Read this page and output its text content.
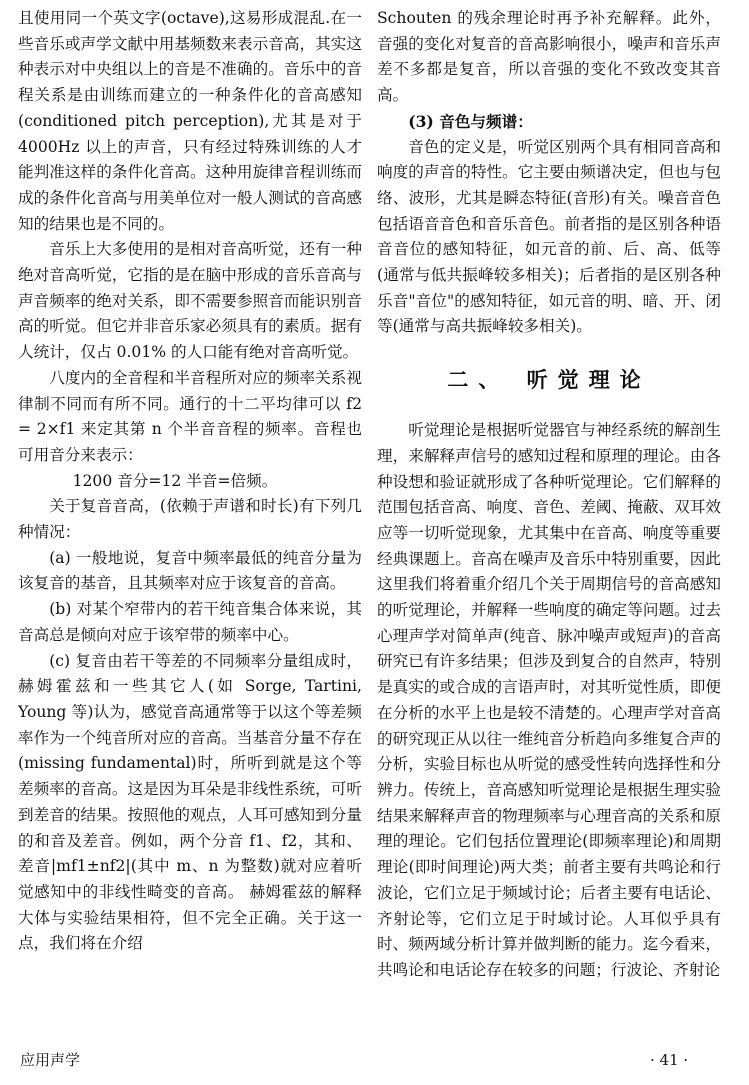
且使用同一个英文字(octave),这易形成混乱.在一些音乐或声学文献中用基频数来表示音高，其实这种表示对中央组以上的音是不准确的。音乐中的音程关系是由训练而建立的一种条件化的音高感知(conditioned pitch perception),尤其是对于 4000Hz 以上的声音，只有经过特殊训练的人才能判准这样的条件化音高。这种用旋律音程训练而成的条件化音高与用美单位对一般人测试的音高感知的结果也是不同的。

音乐上大多使用的是相对音高听觉，还有一种绝对音高听觉，它指的是在脑中形成的音乐音高与声音频率的绝对关系，即不需要参照音而能识别音高的听觉。但它并非音乐家必须具有的素质。据有人统计，仅占 0.01% 的人口能有绝对音高听觉。

八度内的全音程和半音程所对应的频率关系视律制不同而有所不同。通行的十二平均律可以 f2 = 2×f1 来定其第 n 个半音音程的频率。音程也可用音分来表示：

1200 音分=12 半音=倍频。

关于复音音高，(依赖于声谱和时长)有下列几种情况：

(a) 一般地说，复音中频率最低的纯音分量为该复音的基音，且其频率对应于该复音的音高。

(b) 对某个窄带内的若干纯音集合体来说，其音高总是倾向对应于该窄带的频率中心。

(c) 复音由若干等差的不同频率分量组成时，赫姆霍兹和一些其它人(如 Sorge, Tartini, Young 等)认为，感觉音高通常等于以这个等差频率作为一个纯音所对应的音高。当基音分量不存在(missing fundamental)时，所听到就是这个等差频率的音高。这是因为耳朵是非线性系统，可听到差音的结果。按照他的观点，人耳可感知到分量的和音及差音。例如，两个分音 f1、f2，其和、差音|mf1±nf2|(其中 m、n 为整数)就对应着听觉感知中的非线性畸变的音高。 赫姆霍兹的解释大体与实验结果相符，但不完全正确。关于这一点，我们将在介绍

Schouten 的残余理论时再予补充解释。此外，音强的变化对复音的音高影响很小，噪声和音乐声差不多都是复音，所以音强的变化不致改变其音高。

(3) 音色与频谱：

音色的定义是，听觉区别两个具有相同音高和响度的声音的特性。它主要由频谱决定，但也与包络、波形，尤其是瞬态特征(音形)有关。噪音音色包括语音音色和音乐音色。前者指的是区别各种语音音位的感知特征，如元音的前、后、高、低等(通常与低共振峰较多相关)；后者指的是区别各种乐音"音位"的感知特征，如元音的明、暗、开、闭等(通常与高共振峰较多相关)。

二、 听觉理论

听觉理论是根据听觉器官与神经系统的解剖生理，来解释声信号的感知过程和原理的理论。由各种设想和验证就形成了各种听觉理论。它们解释的范围包括音高、响度、音色、差阈、掩蔽、双耳效应等一切听觉现象，尤其集中在音高、响度等重要经典课题上。音高在噪声及音乐中特别重要，因此这里我们将着重介绍几个关于周期信号的音高感知的听觉理论，并解释一些响度的确定等问题。过去心理声学对简单声(纯音、脉冲噪声或短声)的音高研究已有许多结果；但涉及到复合的自然声，特别是真实的或合成的言语声时，对其听觉性质，即便在分析的水平上也是较不清楚的。心理声学对音高的研究现正从以往一维纯音分析趋向多维复合声的分析，实验目标也从听觉的感受性转向选择性和分辨力。传统上，音高感知听觉理论是根据生理实验结果来解释声音的物理频率与心理音高的关系和原理的理论。它们包括位置理论(即频率理论)和周期理论(即时间理论)两大类；前者主要有共鸣论和行波论，它们立足于频域讨论；后者主要有电话论、齐射论等，它们立足于时域讨论。人耳似乎具有时、频两域分析计算并做判断的能力。迄今看来，共鸣论和电话论存在较多的问题；行波论、齐射论

应用声学	· 41 ·
